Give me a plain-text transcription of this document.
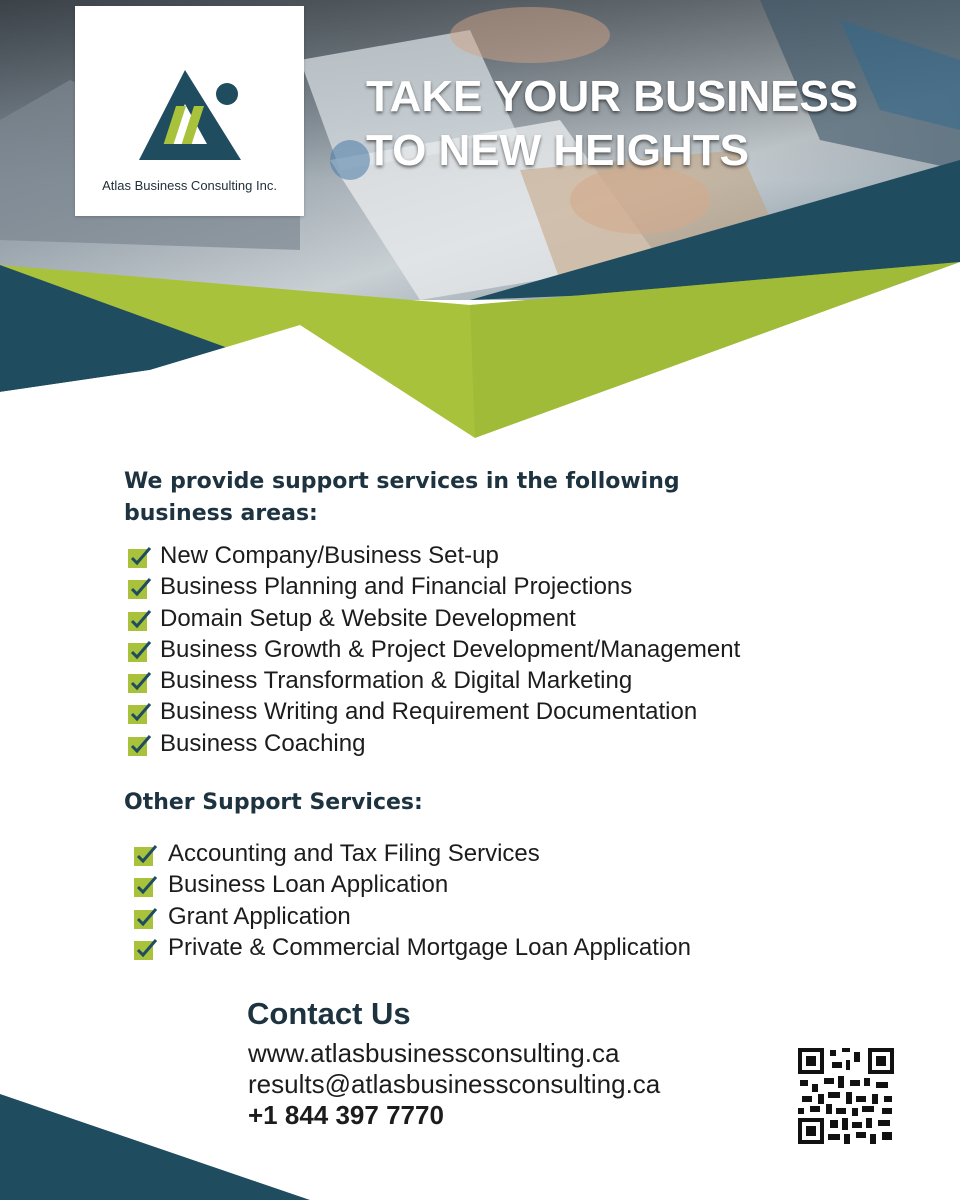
Atlas Business Consulting Inc.
TAKE YOUR BUSINESS
TO NEW HEIGHTS
We provide support services in the following
business areas:
New Company/Business Set-up
Business Planning and Financial Projections
Domain Setup & Website Development
Business Growth & Project Development/Management
Business Transformation & Digital Marketing
Business Writing and Requirement Documentation
Business Coaching
Other Support Services:
Accounting and Tax Filing Services
Business Loan Application
Grant Application
Private & Commercial Mortgage Loan Application
Contact Us
www.atlasbusinessconsulting.ca
results@atlasbusinessconsulting.ca
+1 844 397 7770
